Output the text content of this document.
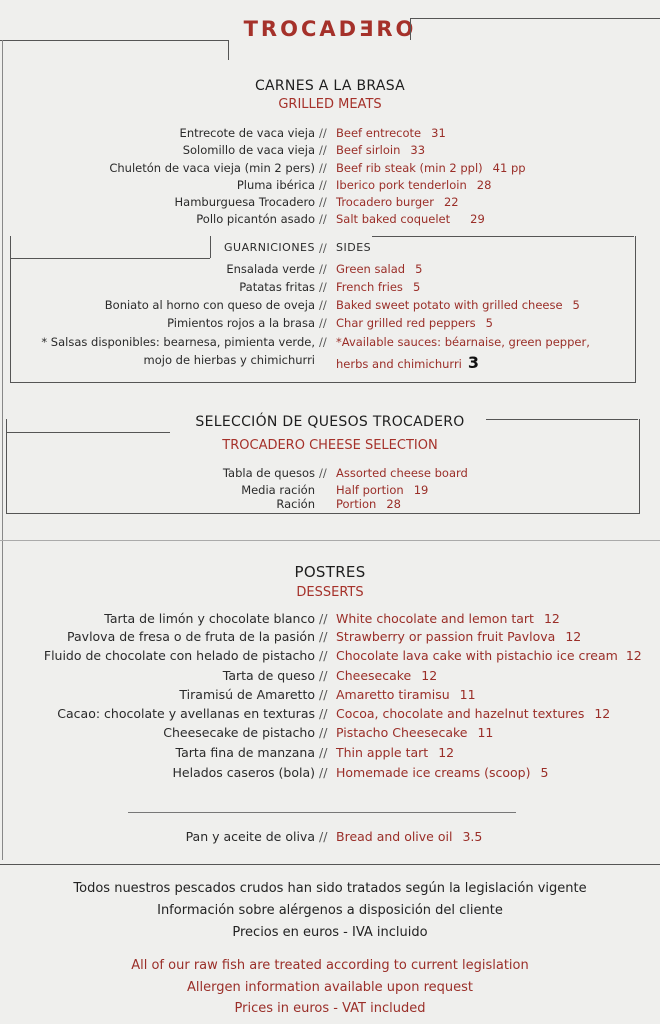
TROCADƎRO
CARNES A LA BRASA
GRILLED MEATS
Entrecote de vaca vieja // Beef entrecote 31
Solomillo de vaca vieja // Beef sirloin 33
Chuletón de vaca vieja (min 2 pers) // Beef rib steak (min 2 ppl) 41 pp
Pluma ibérica // Iberico pork tenderloin 28
Hamburguesa Trocadero // Trocadero burger 22
Pollo picantón asado // Salt baked coquelet 29
GUARNICIONES // SIDES
Ensalada verde // Green salad 5
Patatas fritas // French fries 5
Boniato al horno con queso de oveja // Baked sweet potato with grilled cheese 5
Pimientos rojos a la brasa // Char grilled red peppers 5
* Salsas disponibles: bearnesa, pimienta verde, // *Available sauces: béarnaise, green pepper,
mojo de hierbas y chimichurri herbs and chimichurri 3
SELECCIÓN DE QUESOS TROCADERO
TROCADERO CHEESE SELECTION
Tabla de quesos // Assorted cheese board
Media ración Half portion 19
Ración Portion 28
POSTRES
DESSERTS
Tarta de limón y chocolate blanco // White chocolate and lemon tart 12
Pavlova de fresa o de fruta de la pasión // Strawberry or passion fruit Pavlova 12
Fluido de chocolate con helado de pistacho // Chocolate lava cake with pistachio ice cream 12
Tarta de queso // Cheesecake 12
Tiramisú de Amaretto // Amaretto tiramisu 11
Cacao: chocolate y avellanas en texturas // Cocoa, chocolate and hazelnut textures 12
Cheesecake de pistacho // Pistacho Cheesecake 11
Tarta fina de manzana // Thin apple tart 12
Helados caseros (bola) // Homemade ice creams (scoop) 5
Pan y aceite de oliva // Bread and olive oil 3.5
Todos nuestros pescados crudos han sido tratados según la legislación vigente
Información sobre alérgenos a disposición del cliente
Precios en euros - IVA incluido
All of our raw fish are treated according to current legislation
Allergen information available upon request
Prices in euros - VAT included
